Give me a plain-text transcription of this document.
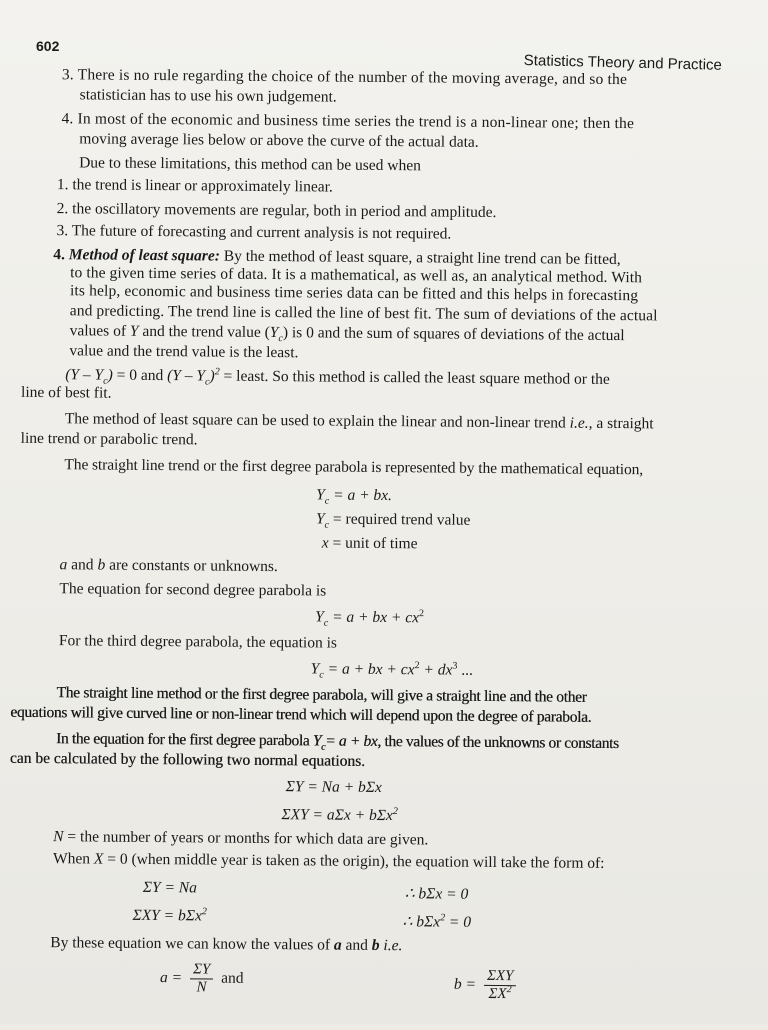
602
Statistics Theory and Practice
3. There is no rule regarding the choice of the number of the moving average, and so the
statistician has to use his own judgement.
4. In most of the economic and business time series the trend is a non-linear one; then the
moving average lies below or above the curve of the actual data.
Due to these limitations, this method can be used when
1. the trend is linear or approximately linear.
2. the oscillatory movements are regular, both in period and amplitude.
3. The future of forecasting and current analysis is not required.
4. Method of least square: By the method of least square, a straight line trend can be fitted,
to the given time series of data. It is a mathematical, as well as, an analytical method. With
its help, economic and business time series data can be fitted and this helps in forecasting
and predicting. The trend line is called the line of best fit. The sum of deviations of the actual
values of Y and the trend value $(Y_c)$ is 0 and the sum of squares of deviations of the actual
value and the trend value is the least.
$(Y - Y_c) = 0$ and $(Y - Y_c)^2$ = least. So this method is called the least square method or the
line of best fit.
The method of least square can be used to explain the linear and non-linear trend i.e., a straight
line trend or parabolic trend.
The straight line trend or the first degree parabola is represented by the mathematical equation,
$Y_c = a$ + bx.
$Y_c$ = required trend value
x = unit of time
a and b are constants or unknowns.
The equation for second degree parabola is
$Y_c = a$ + bx + $cx^2$
For the third degree parabola, the equation is
$Y_c = a$ + bx + $cx^2 + dx^3$ ...
The straight line method or the first degree parabola, will give a straight line and the other
equations will give curved line or non-linear trend which will depend upon the degree of parabola.
In the equation for the first degree parabola $Y_c= a$ + bx, the values of the unknowns or constants
can be calculated by the following two normal equations.
ΣY = Na + bΣx
ΣXY = aΣx + bΣx$^2$
N = the number of years or months for which data are given.
When X = 0 (when middle year is taken as the origin), the equation will take the form of:
ΣY = Na	∴ bΣx = 0
ΣXY = bΣx$^2$
∴ bΣx$^2$ = 0
By these equation we can know the values of a and b i.e.
$a = \frac{\Sigma Y}{N}$ and	$b = \frac{\text{ΣXY}}{\Sigma X^2}$
